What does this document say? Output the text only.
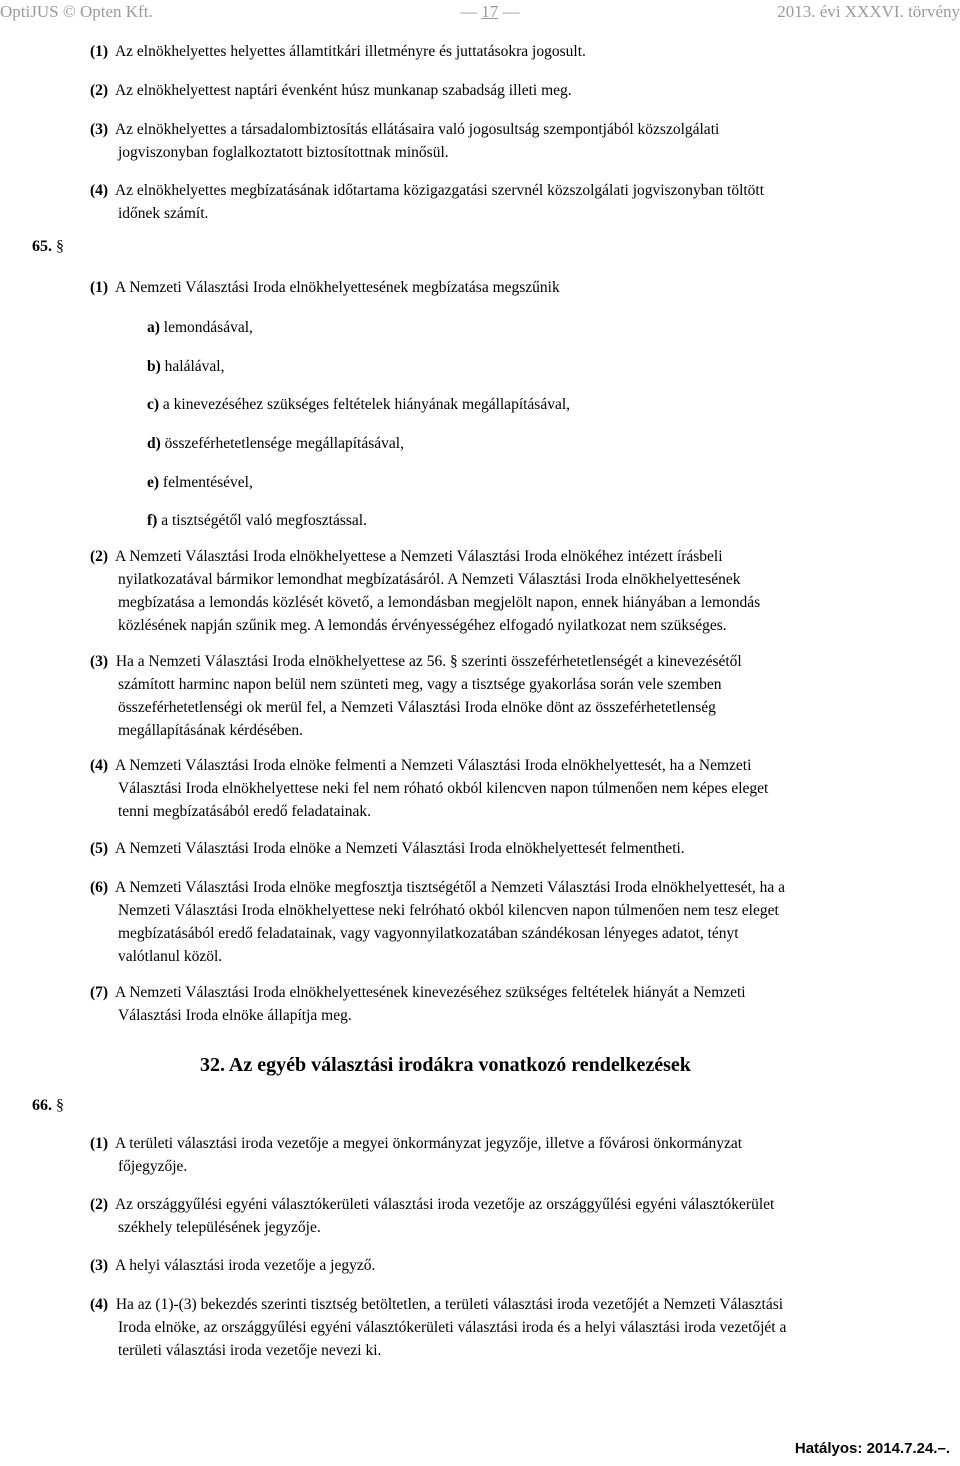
OptiJUS © Opten Kft.	— 17 —	2013. évi XXXVI. törvény

(1) Az elnökhelyettes helyettes államtitkári illetményre és juttatásokra jogosult.

(2) Az elnökhelyettest naptári évenként húsz munkanap szabadság illeti meg.

(3) Az elnökhelyettes a társadalombiztosítás ellátásaira való jogosultság szempontjából közszolgálati
jogviszonyban foglalkoztatott biztosítottnak minősül.

(4) Az elnökhelyettes megbízatásának időtartama közigazgatási szervnél közszolgálati jogviszonyban töltött
időnek számít.

65. §

(1) A Nemzeti Választási Iroda elnökhelyettesének megbízatása megszűnik

a) lemondásával,

b) halálával,

c) a kinevezéséhez szükséges feltételek hiányának megállapításával,

d) összeférhetetlensége megállapításával,

e) felmentésével,

f) a tisztségétől való megfosztással.

(2) A Nemzeti Választási Iroda elnökhelyettese a Nemzeti Választási Iroda elnökéhez intézett írásbeli
nyilatkozatával bármikor lemondhat megbízatásáról. A Nemzeti Választási Iroda elnökhelyettesének
megbízatása a lemondás közlését követő, a lemondásban megjelölt napon, ennek hiányában a lemondás
közlésének napján szűnik meg. A lemondás érvényességéhez elfogadó nyilatkozat nem szükséges.

(3) Ha a Nemzeti Választási Iroda elnökhelyettese az 56. § szerinti összeférhetetlenségét a kinevezésétől
számított harminc napon belül nem szünteti meg, vagy a tisztsége gyakorlása során vele szemben
összeférhetetlenségi ok merül fel, a Nemzeti Választási Iroda elnöke dönt az összeférhetetlenség
megállapításának kérdésében.

(4) A Nemzeti Választási Iroda elnöke felmenti a Nemzeti Választási Iroda elnökhelyettesét, ha a Nemzeti
Választási Iroda elnökhelyettese neki fel nem róható okból kilencven napon túlmenően nem képes eleget
tenni megbízatásából eredő feladatainak.

(5) A Nemzeti Választási Iroda elnöke a Nemzeti Választási Iroda elnökhelyettesét felmentheti.

(6) A Nemzeti Választási Iroda elnöke megfosztja tisztségétől a Nemzeti Választási Iroda elnökhelyettesét, ha a
Nemzeti Választási Iroda elnökhelyettese neki felróható okból kilencven napon túlmenően nem tesz eleget
megbízatásából eredő feladatainak, vagy vagyonnyilatkozatában szándékosan lényeges adatot, tényt
valótlanul közöl.

(7) A Nemzeti Választási Iroda elnökhelyettesének kinevezéséhez szükséges feltételek hiányát a Nemzeti
Választási Iroda elnöke állapítja meg.

32. Az egyéb választási irodákra vonatkozó rendelkezések
66. §

(1) A területi választási iroda vezetője a megyei önkormányzat jegyzője, illetve a fővárosi önkormányzat
főjegyzője.

(2) Az országgyűlési egyéni választókerületi választási iroda vezetője az országgyűlési egyéni választókerület
székhely településének jegyzője.

(3) A helyi választási iroda vezetője a jegyző.

(4) Ha az (1)-(3) bekezdés szerinti tisztség betöltetlen, a területi választási iroda vezetőjét a Nemzeti Választási
Iroda elnöke, az országgyűlési egyéni választókerületi választási iroda és a helyi választási iroda vezetőjét a
területi választási iroda vezetője nevezi ki.

Hatályos: 2014.7.24.–.
